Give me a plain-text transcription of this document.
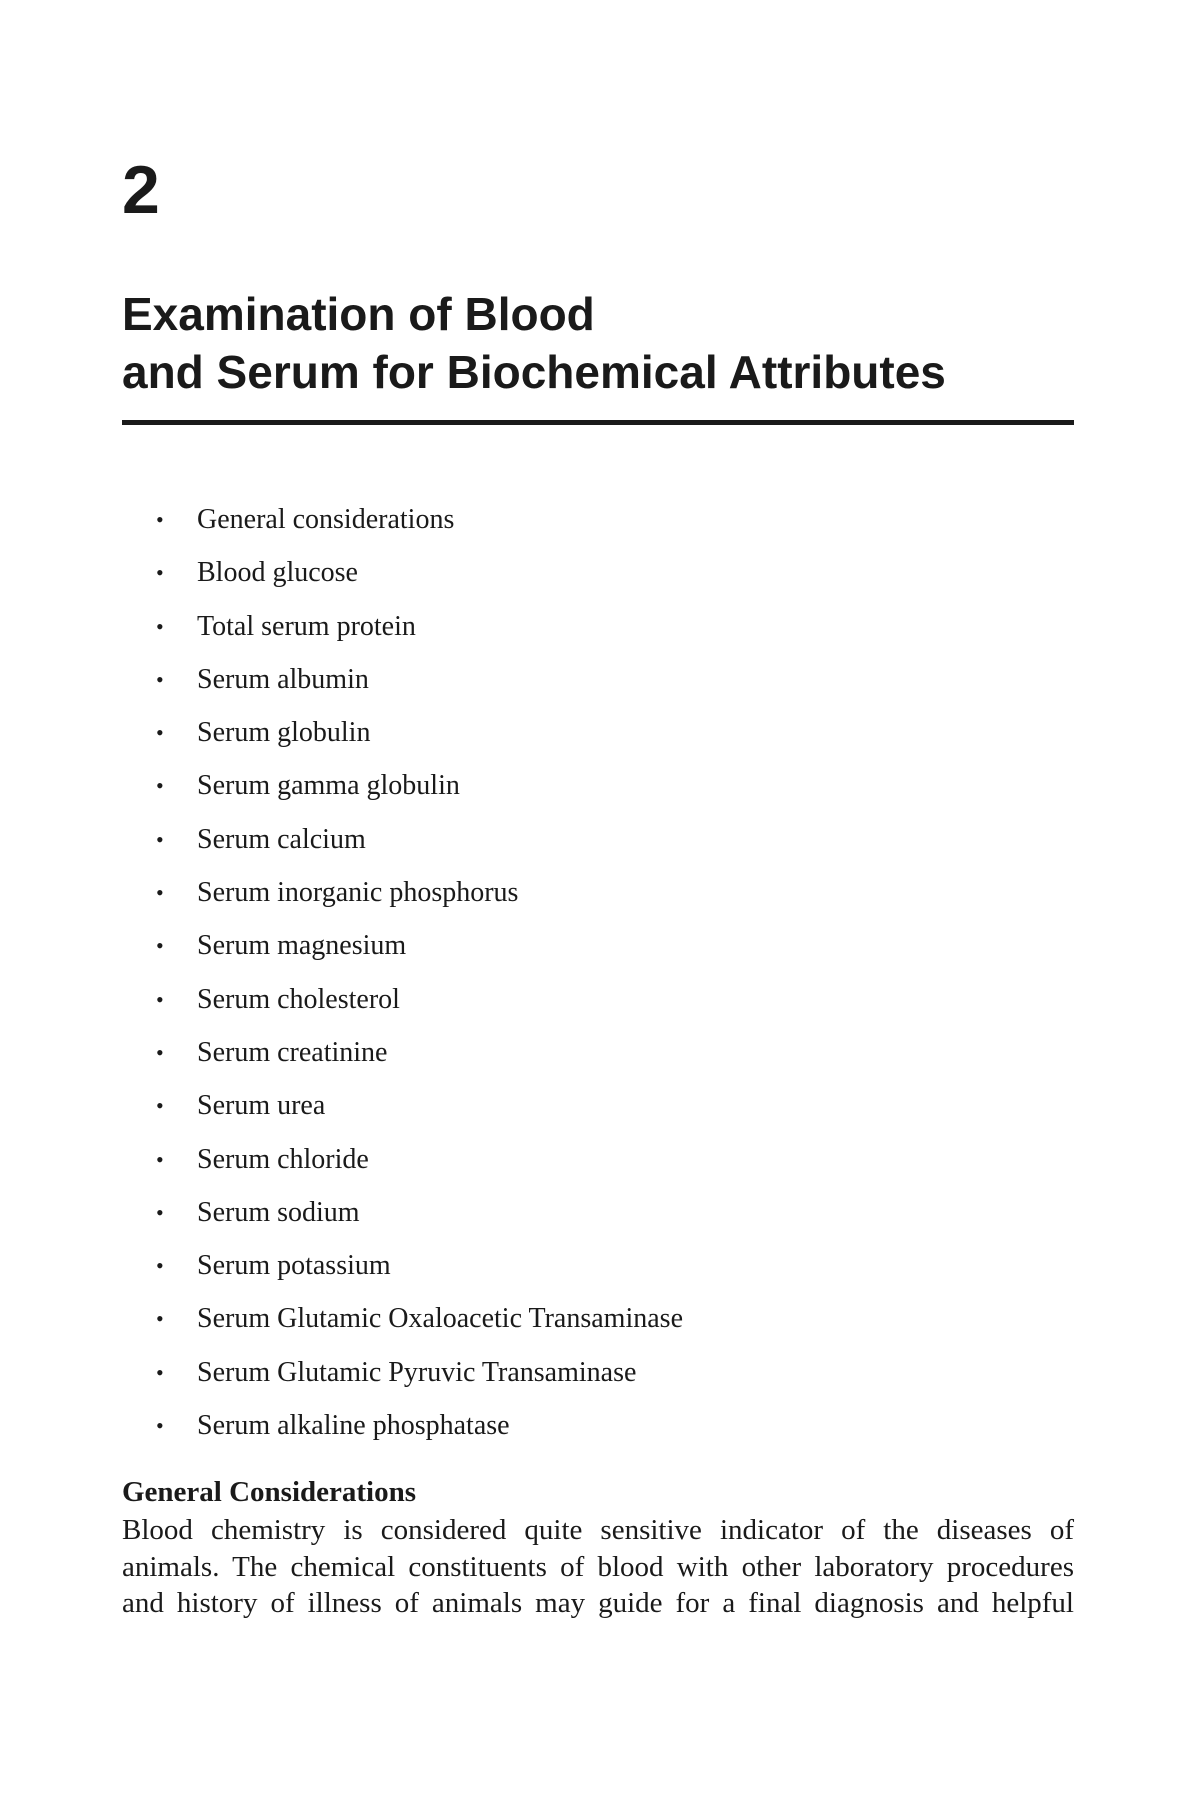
2
Examination of Blood
and Serum for Biochemical Attributes
• General considerations
• Blood glucose
• Total serum protein
• Serum albumin
• Serum globulin
• Serum gamma globulin
• Serum calcium
• Serum inorganic phosphorus
• Serum magnesium
• Serum cholesterol
• Serum creatinine
• Serum urea
• Serum chloride
• Serum sodium
• Serum potassium
• Serum Glutamic Oxaloacetic Transaminase
• Serum Glutamic Pyruvic Transaminase
• Serum alkaline phosphatase
General Considerations

Blood chemistry is considered quite sensitive indicator of the diseases of
animals. The chemical constituents of blood with other laboratory procedures
and history of illness of animals may guide for a final diagnosis and helpful
